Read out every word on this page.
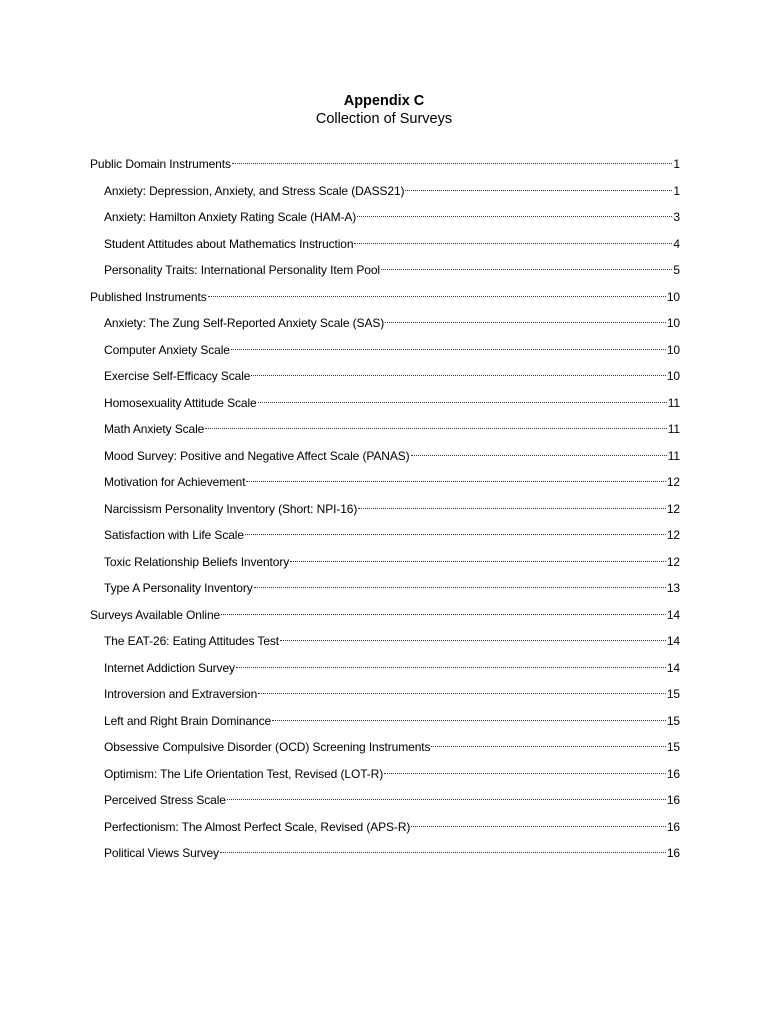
Appendix C
Collection of Surveys
Public Domain Instruments	1
Anxiety: Depression, Anxiety, and Stress Scale (DASS21)	1
Anxiety: Hamilton Anxiety Rating Scale (HAM-A)	3
Student Attitudes about Mathematics Instruction	4
Personality Traits: International Personality Item Pool	5
Published Instruments	10
Anxiety: The Zung Self-Reported Anxiety Scale (SAS)	10
Computer Anxiety Scale	10
Exercise Self-Efficacy Scale	10
Homosexuality Attitude Scale	11
Math Anxiety Scale	11
Mood Survey: Positive and Negative Affect Scale (PANAS)	11
Motivation for Achievement	12
Narcissism Personality Inventory (Short: NPI-16)	12
Satisfaction with Life Scale	12
Toxic Relationship Beliefs Inventory	12
Type A Personality Inventory	13
Surveys Available Online	14
The EAT-26: Eating Attitudes Test	14
Internet Addiction Survey	14
Introversion and Extraversion	15
Left and Right Brain Dominance	15
Obsessive Compulsive Disorder (OCD) Screening Instruments	15
Optimism: The Life Orientation Test, Revised (LOT-R)	16
Perceived Stress Scale	16
Perfectionism: The Almost Perfect Scale, Revised (APS-R)	16
Political Views Survey	16
